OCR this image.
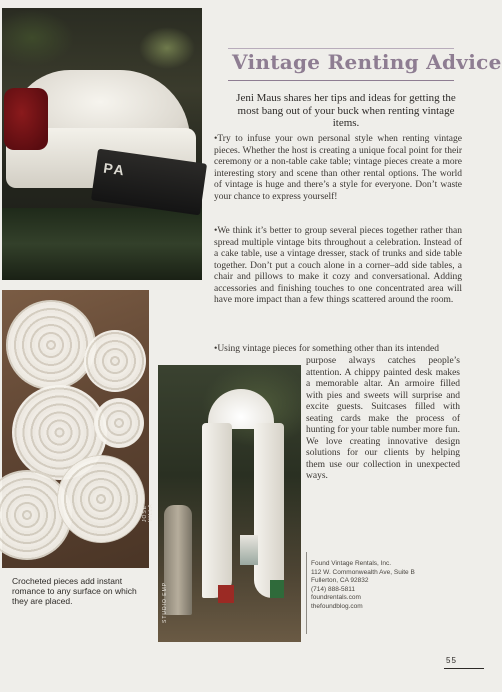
PA
JOSE VILLA
STUDIO EMP
Vintage Renting Advice
Jeni Maus shares her tips and ideas for getting the most bang out of your buck when renting vintage items.

•Try to infuse your own personal style when renting vintage pieces. Whether the host is creating a unique focal point for their ceremony or a non-table cake table; vintage pieces create a more interesting story and scene than other rental options. The world of vintage is huge and there’s a style for everyone. Don’t waste your chance to express yourself!

•We think it’s better to group several pieces together rather than spread multiple vintage bits throughout a celebration. Instead of a cake table, use a vintage dresser, stack of trunks and side table together. Don’t put a couch alone in a corner–add side tables, a chair and pillows to make it cozy and conversational. Adding accessories and finishing touches to one concentrated area will have more impact than a few things scattered around the room.

•Using vintage pieces for something other than its intended

purpose always catches people’s attention. A chippy painted desk makes a memorable altar. An armoire filled with pies and sweets will surprise and excite guests. Suitcases filled with seating cards make the process of hunting for your table number more fun. We love creating innovative design solutions for our clients by helping them use our collection in unexpected ways.

Crocheted pieces add instant romance to any surface on which they are placed.
Found Vintage Rentals, Inc.
112 W. Commonwealth Ave, Suite B
Fullerton, CA 92832
(714) 888-5811
foundrentals.com
thefoundblog.com
55
